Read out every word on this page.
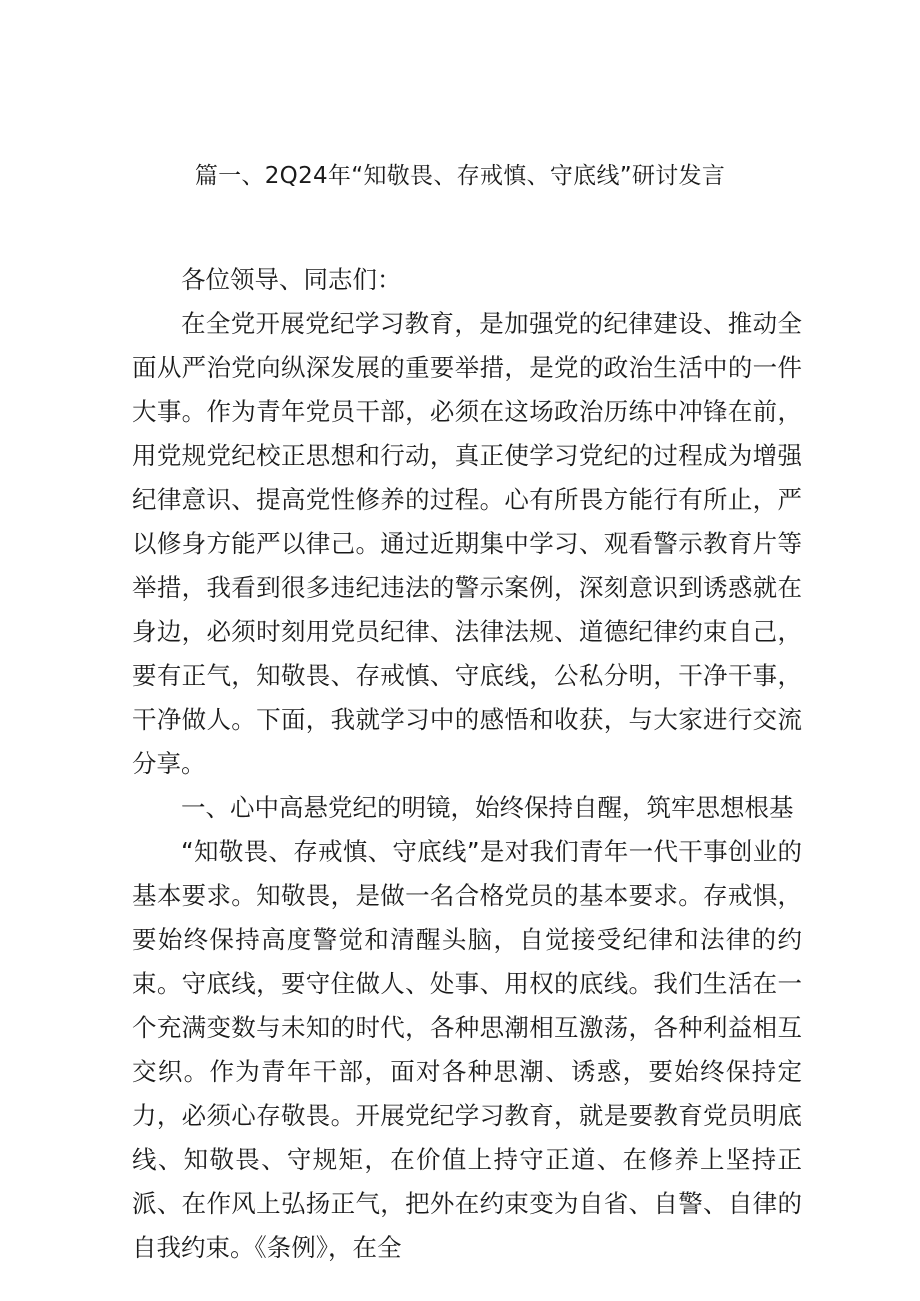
篇一、2Q24年“知敬畏、存戒慎、守底线”研讨发言

各位领导、同志们：

在全党开展党纪学习教育，是加强党的纪律建设、推动全面从严治党向纵深发展的重要举措，是党的政治生活中的一件大事。作为青年党员干部，必须在这场政治历练中冲锋在前，用党规党纪校正思想和行动，真正使学习党纪的过程成为增强纪律意识、提高党性修养的过程。心有所畏方能行有所止，严以修身方能严以律己。通过近期集中学习、观看警示教育片等举措，我看到很多违纪违法的警示案例，深刻意识到诱惑就在身边，必须时刻用党员纪律、法律法规、道德纪律约束自己，要有正气，知敬畏、存戒慎、守底线，公私分明，干净干事，干净做人。下面，我就学习中的感悟和收获，与大家进行交流分享。

一、心中高悬党纪的明镜，始终保持自醒，筑牢思想根基

“知敬畏、存戒慎、守底线”是对我们青年一代干事创业的基本要求。知敬畏，是做一名合格党员的基本要求。存戒惧，要始终保持高度警觉和清醒头脑，自觉接受纪律和法律的约束。守底线，要守住做人、处事、用权的底线。我们生活在一个充满变数与未知的时代，各种思潮相互激荡，各种利益相互交织。作为青年干部，面对各种思潮、诱惑，要始终保持定力，必须心存敬畏。开展党纪学习教育，就是要教育党员明底线、知敬畏、守规矩，在价值上持守正道、在修养上坚持正派、在作风上弘扬正气，把外在约束变为自省、自警、自律的自我约束。《条例》，在全
